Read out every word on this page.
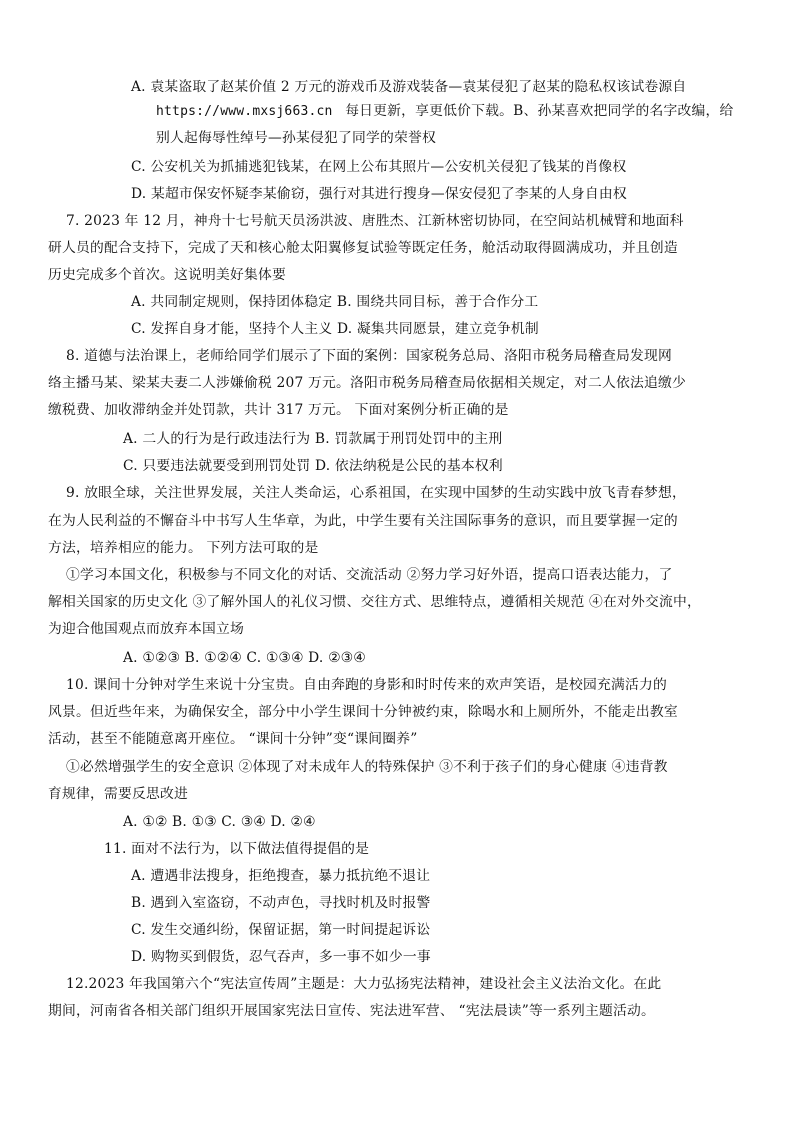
A. 袁某盗取了赵某价值 2 万元的游戏币及游戏装备—袁某侵犯了赵某的隐私权该试卷源自
https://www.mxsj663.cn 每日更新，享更低价下载。B、孙某喜欢把同学的名字改编，给
别人起侮辱性绰号—孙某侵犯了同学的荣誉权
C. 公安机关为抓捕逃犯钱某，在网上公布其照片—公安机关侵犯了钱某的肖像权
D. 某超市保安怀疑李某偷窃，强行对其进行搜身—保安侵犯了李某的人身自由权
7. 2023 年 12 月，神舟十七号航天员汤洪波、唐胜杰、江新林密切协同，在空间站机械臂和地面科
研人员的配合支持下，完成了天和核心舱太阳翼修复试验等既定任务，舱活动取得圆满成功，并且创造
历史完成多个首次。这说明美好集体要
A. 共同制定规则，保持团体稳定 B. 围绕共同目标，善于合作分工
C. 发挥自身才能，坚持个人主义 D. 凝集共同愿景，建立竞争机制
8. 道德与法治课上，老师给同学们展示了下面的案例：国家税务总局、洛阳市税务局稽查局发现网
络主播马某、梁某夫妻二人涉嫌偷税 207 万元。洛阳市税务局稽查局依据相关规定，对二人依法追缴少
缴税费、加收滞纳金并处罚款，共计 317 万元。 下面对案例分析正确的是
A. 二人的行为是行政违法行为 B. 罚款属于刑罚处罚中的主刑
C. 只要违法就要受到刑罚处罚 D. 依法纳税是公民的基本权利
9. 放眼全球，关注世界发展，关注人类命运，心系祖国，在实现中国梦的生动实践中放飞青春梦想，
在为人民利益的不懈奋斗中书写人生华章，为此，中学生要有关注国际事务的意识，而且要掌握一定的
方法，培养相应的能力。 下列方法可取的是
①学习本国文化，积极参与不同文化的对话、交流活动 ②努力学习好外语，提高口语表达能力，了
解相关国家的历史文化 ③了解外国人的礼仪习惯、交往方式、思维特点，遵循相关规范 ④在对外交流中，
为迎合他国观点而放弃本国立场
A. ①②③ B. ①②④ C. ①③④ D. ②③④
10. 课间十分钟对学生来说十分宝贵。自由奔跑的身影和时时传来的欢声笑语，是校园充满活力的
风景。但近些年来，为确保安全，部分中小学生课间十分钟被约束，除喝水和上厕所外，不能走出教室
活动，甚至不能随意离开座位。 “课间十分钟”变“课间圈养”
①必然增强学生的安全意识 ②体现了对未成年人的特殊保护 ③不利于孩子们的身心健康 ④违背教
育规律，需要反思改进
A. ①② B. ①③ C. ③④ D. ②④
11. 面对不法行为，以下做法值得提倡的是
A. 遭遇非法搜身，拒绝搜查，暴力抵抗绝不退让
B. 遇到入室盗窃，不动声色，寻找时机及时报警
C. 发生交通纠纷，保留证据，第一时间提起诉讼
D. 购物买到假货，忍气吞声，多一事不如少一事
12.2023 年我国第六个“宪法宣传周”主题是：大力弘扬宪法精神，建设社会主义法治文化。在此
期间，河南省各相关部门组织开展国家宪法日宣传、宪法进军营、 “宪法晨读”等一系列主题活动。
